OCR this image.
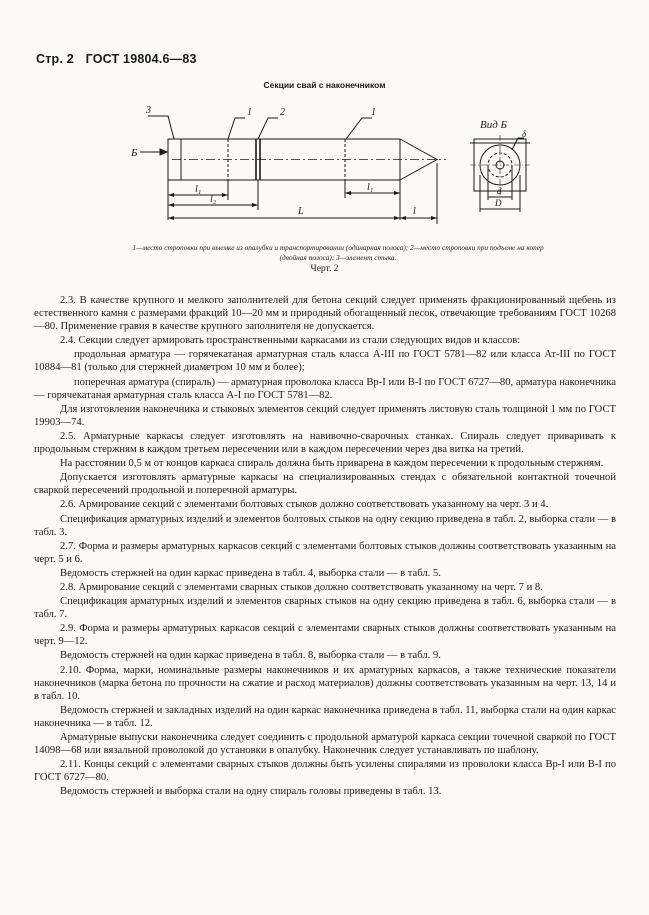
Стр. 2 ГОСТ 19804.6—83
Секции свай с наконечником
Б
3	2
1	1
l₁
l₂
l₁
L	l
Вид Б
δ
d
D
1—место строповки при выемке из опалубки и транспортировании (одинарная полоса); 2—место строповки при подъеме на копер (двойная полоса); 3—элемент стыка.
Черт. 2

2.3. В качестве крупного и мелкого заполнителей для бетона секций следует применять фракционированный щебень из естественного камня с размерами фракций 10—20 мм и природный обогащенный песок, отвечающие требованиям ГОСТ 10268—80. Применение гравия в качестве крупного заполнителя не допускается.

2.4. Секции следует армировать пространственными каркасами из стали следующих видов и классов:

продольная арматура — горячекатаная арматурная сталь класса А-III по ГОСТ 5781—82 или класса Ат-III по ГОСТ 10884—81 (только для стержней диаметром 10 мм и более);

поперечная арматура (спираль) — арматурная проволока класса Вр-I или В-I по ГОСТ 6727—80, арматура наконечника — горячекатаная арматурная сталь класса А-I по ГОСТ 5781—82.

Для изготовления наконечника и стыковых элементов секций следует применять листовую сталь толщиной 1 мм по ГОСТ 19903—74.

2.5. Арматурные каркасы следует изготовлять на навивочно-сварочных станках. Спираль следует приваривать к продольным стержням в каждом третьем пересечении или в каждом пересечении через два витка на третий.

На расстоянии 0,5 м от концов каркаса спираль должна быть приварена в каждом пересечении к продольным стержням.

Допускается изготовлять арматурные каркасы на специализированных стендах с обязательной контактной точечной сваркой пересечений продольной и поперечной арматуры.

2.6. Армирование секций с элементами болтовых стыков должно соответствовать указанному на черт. 3 и 4.

Спецификация арматурных изделий и элементов болтовых стыков на одну секцию приведена в табл. 2, выборка стали — в табл. 3.

2.7. Форма и размеры арматурных каркасов секций с элементами болтовых стыков должны соответствовать указанным на черт. 5 и 6.

Ведомость стержней на один каркас приведена в табл. 4, выборка стали — в табл. 5.

2.8. Армирование секций с элементами сварных стыков должно соответствовать указанному на черт. 7 и 8.

Спецификация арматурных изделий и элементов сварных стыков на одну секцию приведена в табл. 6, выборка стали — в табл. 7.

2.9. Форма и размеры арматурных каркасов секций с элементами сварных стыков должны соответствовать указанным на черт. 9—12.

Ведомость стержней на один каркас приведена в табл. 8, выборка стали — в табл. 9.

2.10. Форма, марки, номинальные размеры наконечников и их арматурных каркасов, а также технические показатели наконечников (марка бетона по прочности на сжатие и расход материалов) должны соответствовать указанным на черт. 13, 14 и в табл. 10.

Ведомость стержней и закладных изделий на один каркас наконечника приведена в табл. 11, выборка стали на один каркас наконечника — в табл. 12.

Арматурные выпуски наконечника следует соединить с продольной арматурой каркаса секции точечной сваркой по ГОСТ 14098—68 или вязальной проволокой до установки в опалубку. Наконечник следует устанавливать по шаблону.

2.11. Концы секций с элементами сварных стыков должны быть усилены спиралями из проволоки класса Вр-I или В-I по ГОСТ 6727—80.

Ведомость стержней и выборка стали на одну спираль головы приведены в табл. 13.
